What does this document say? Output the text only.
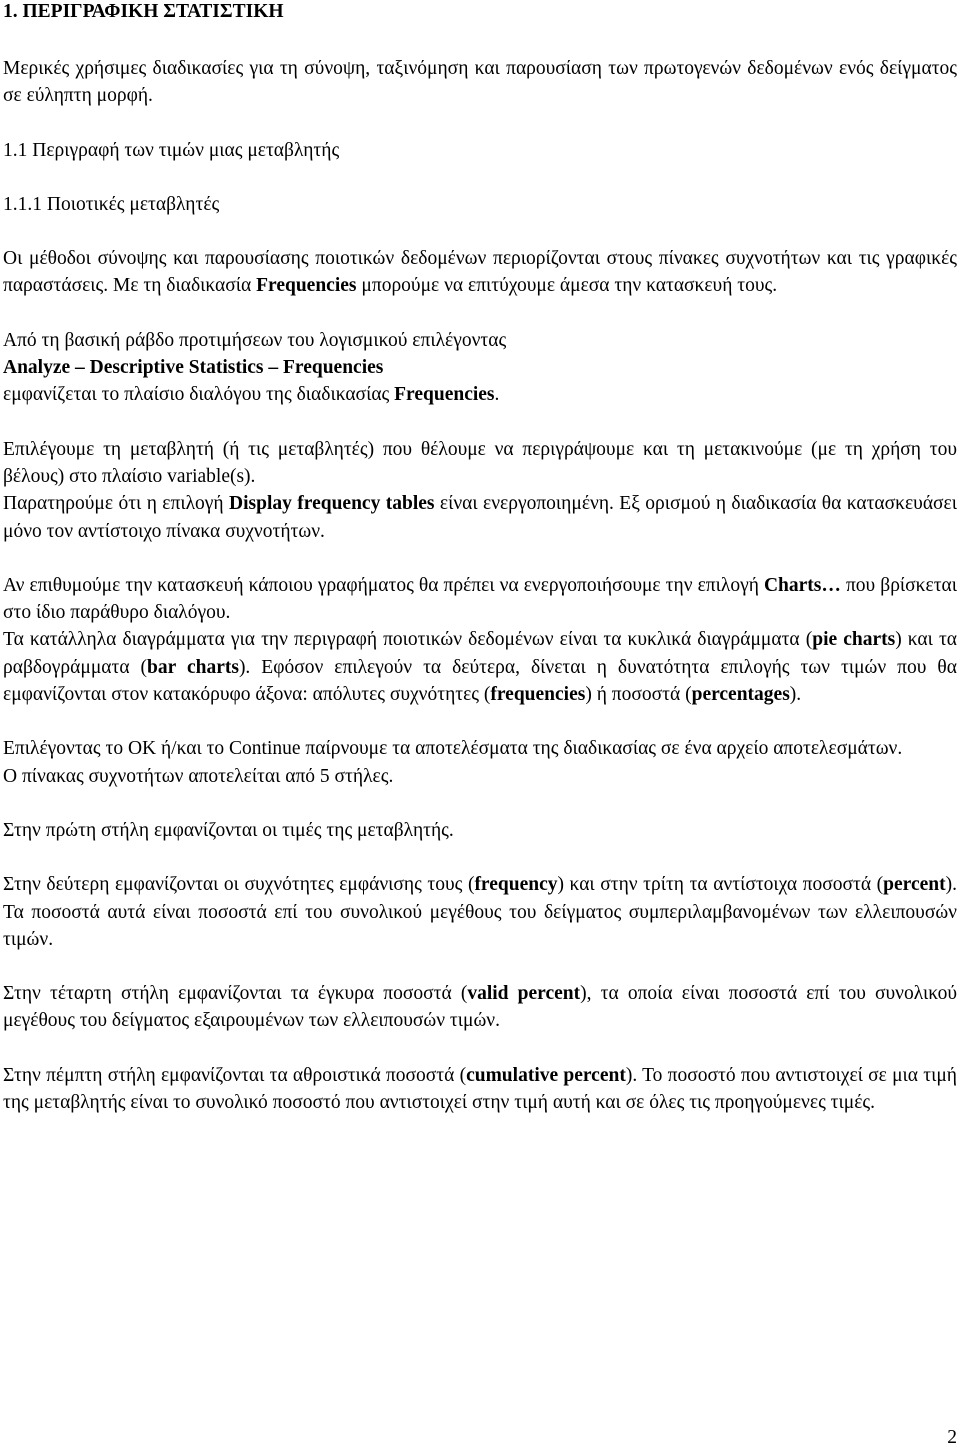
1. ΠΕΡΙΓΡΑΦΙΚΗ ΣΤΑΤΙΣΤΙΚΗ

Μερικές χρήσιμες διαδικασίες για τη σύνοψη, ταξινόμηση και παρουσίαση των πρωτογενών δεδομένων ενός δείγματος σε εύληπτη μορφή.

1.1 Περιγραφή των τιμών μιας μεταβλητής

1.1.1 Ποιοτικές μεταβλητές

Οι μέθοδοι σύνοψης και παρουσίασης ποιοτικών δεδομένων περιορίζονται στους πίνακες συχνοτήτων και τις γραφικές παραστάσεις. Με τη διαδικασία Frequencies μπορούμε να επιτύχουμε άμεσα την κατασκευή τους.

Από τη βασική ράβδο προτιμήσεων του λογισμικού επιλέγοντας

Analyze – Descriptive Statistics – Frequencies

εμφανίζεται το πλαίσιο διαλόγου της διαδικασίας Frequencies.

Επιλέγουμε τη μεταβλητή (ή τις μεταβλητές) που θέλουμε να περιγράψουμε και τη μετακινούμε (με τη χρήση του βέλους) στο πλαίσιο variable(s).

Παρατηρούμε ότι η επιλογή Display frequency tables είναι ενεργοποιημένη. Εξ ορισμού η διαδικασία θα κατασκευάσει μόνο τον αντίστοιχο πίνακα συχνοτήτων.

Αν επιθυμούμε την κατασκευή κάποιου γραφήματος θα πρέπει να ενεργοποιήσουμε την επιλογή Charts… που βρίσκεται στο ίδιο παράθυρο διαλόγου.

Τα κατάλληλα διαγράμματα για την περιγραφή ποιοτικών δεδομένων είναι τα κυκλικά διαγράμματα (pie charts) και τα ραβδογράμματα (bar charts). Εφόσον επιλεγούν τα δεύτερα, δίνεται η δυνατότητα επιλογής των τιμών που θα εμφανίζονται στον κατακόρυφο άξονα: απόλυτες συχνότητες (frequencies) ή ποσοστά (percentages).

Επιλέγοντας το OK ή/και το Continue παίρνουμε τα αποτελέσματα της διαδικασίας σε ένα αρχείο αποτελεσμάτων.

Ο πίνακας συχνοτήτων αποτελείται από 5 στήλες.

Στην πρώτη στήλη εμφανίζονται οι τιμές της μεταβλητής.

Στην δεύτερη εμφανίζονται οι συχνότητες εμφάνισης τους (frequency) και στην τρίτη τα αντίστοιχα ποσοστά (percent). Τα ποσοστά αυτά είναι ποσοστά επί του συνολικού μεγέθους του δείγματος συμπεριλαμβανομένων των ελλειπουσών τιμών.

Στην τέταρτη στήλη εμφανίζονται τα έγκυρα ποσοστά (valid percent), τα οποία είναι ποσοστά επί του συνολικού μεγέθους του δείγματος εξαιρουμένων των ελλειπουσών τιμών.

Στην πέμπτη στήλη εμφανίζονται τα αθροιστικά ποσοστά (cumulative percent). Το ποσοστό που αντιστοιχεί σε μια τιμή της μεταβλητής είναι το συνολικό ποσοστό που αντιστοιχεί στην τιμή αυτή και σε όλες τις προηγούμενες τιμές.

2
